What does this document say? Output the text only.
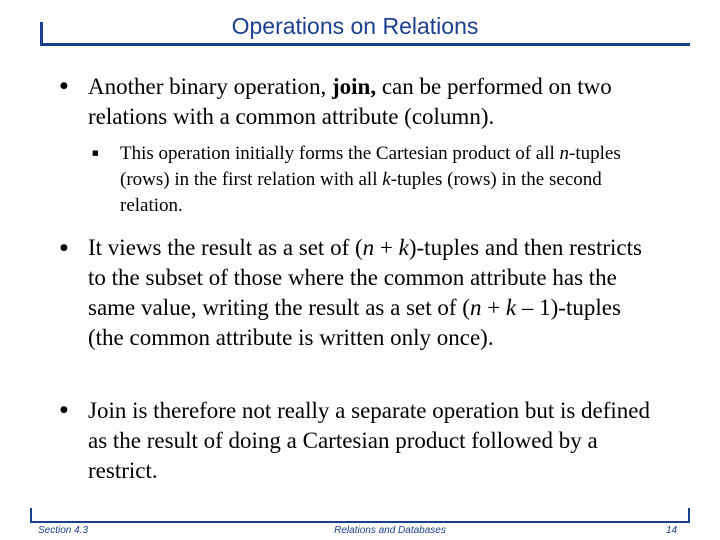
Operations on Relations
● Another binary operation, join, can be performed on two relations with a common attribute (column).
■ This operation initially forms the Cartesian product of all n-tuples (rows) in the first relation with all k-tuples (rows) in the second relation.
● It views the result as a set of (n + k)-tuples and then restricts to the subset of those where the common attribute has the same value, writing the result as a set of (n + k – 1)-tuples (the common attribute is written only once).
● Join is therefore not really a separate operation but is defined as the result of doing a Cartesian product followed by a restrict.
Section 4.3	Relations and Databases	14
